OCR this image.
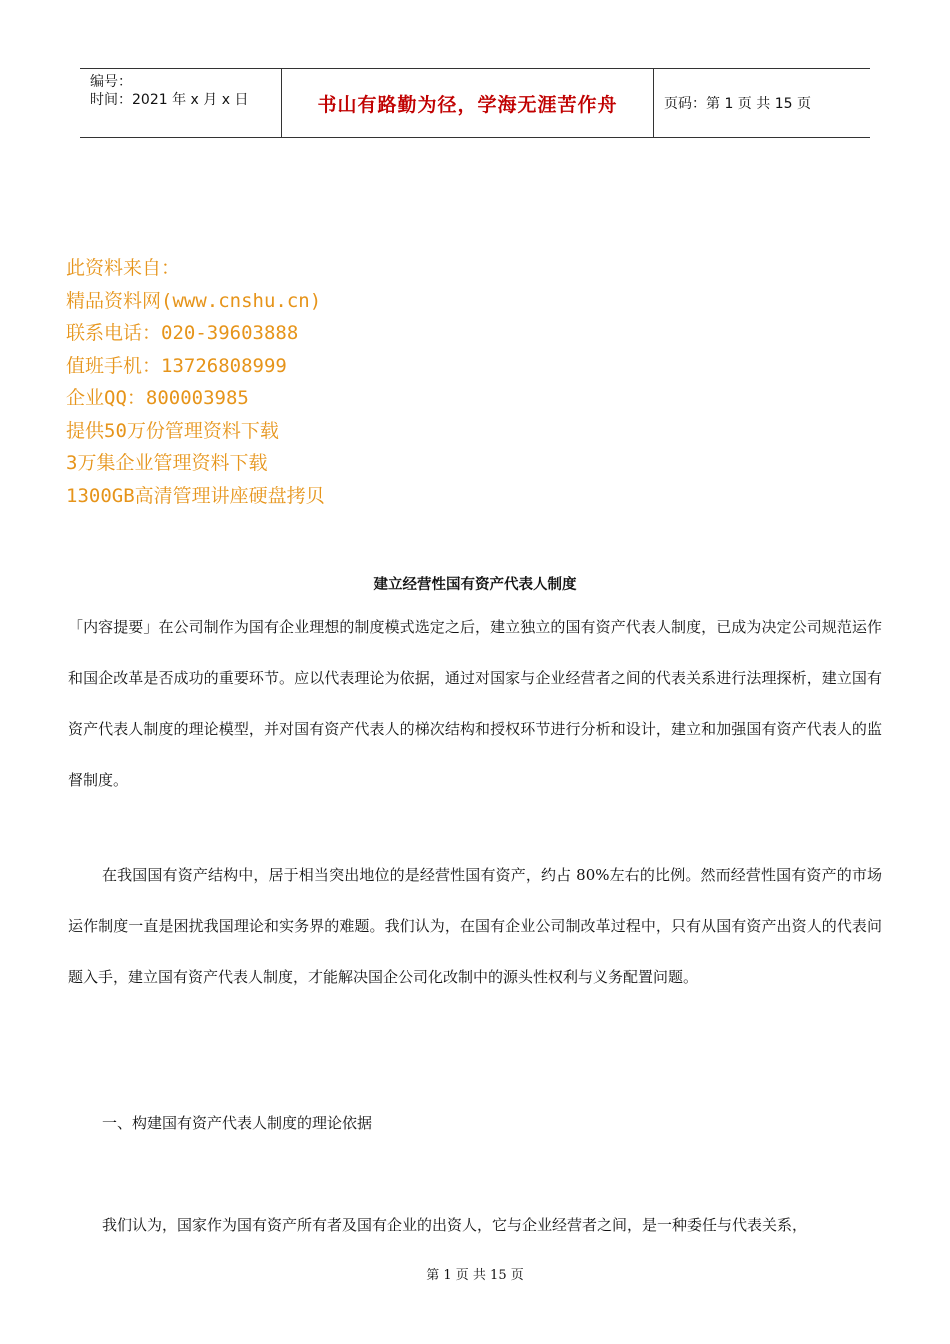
编号：
时间：2021 年 x 月 x 日	书山有路勤为径，学海无涯苦作舟	页码：第 1 页 共 15 页
此资料来自：
精品资料网(www.cnshu.cn)
联系电话：020-39603888
值班手机：13726808999
企业QQ：800003985
提供50万份管理资料下载
3万集企业管理资料下载
1300GB高清管理讲座硬盘拷贝
建立经营性国有资产代表人制度
「内容提要」在公司制作为国有企业理想的制度模式选定之后，建立独立的国有资产代表人制度，已成为决定公司规范运作和国企改革是否成功的重要环节。应以代表理论为依据，通过对国家与企业经营者之间的代表关系进行法理探析，建立国有资产代表人制度的理论模型，并对国有资产代表人的梯次结构和授权环节进行分析和设计，建立和加强国有资产代表人的监督制度。
在我国国有资产结构中，居于相当突出地位的是经营性国有资产，约占 80%左右的比例。然而经营性国有资产的市场运作制度一直是困扰我国理论和实务界的难题。我们认为，在国有企业公司制改革过程中，只有从国有资产出资人的代表问题入手，建立国有资产代表人制度，才能解决国企公司化改制中的源头性权利与义务配置问题。
一、构建国有资产代表人制度的理论依据
我们认为，国家作为国有资产所有者及国有企业的出资人，它与企业经营者之间，是一种委任与代表关系，
第 1 页 共 15 页
